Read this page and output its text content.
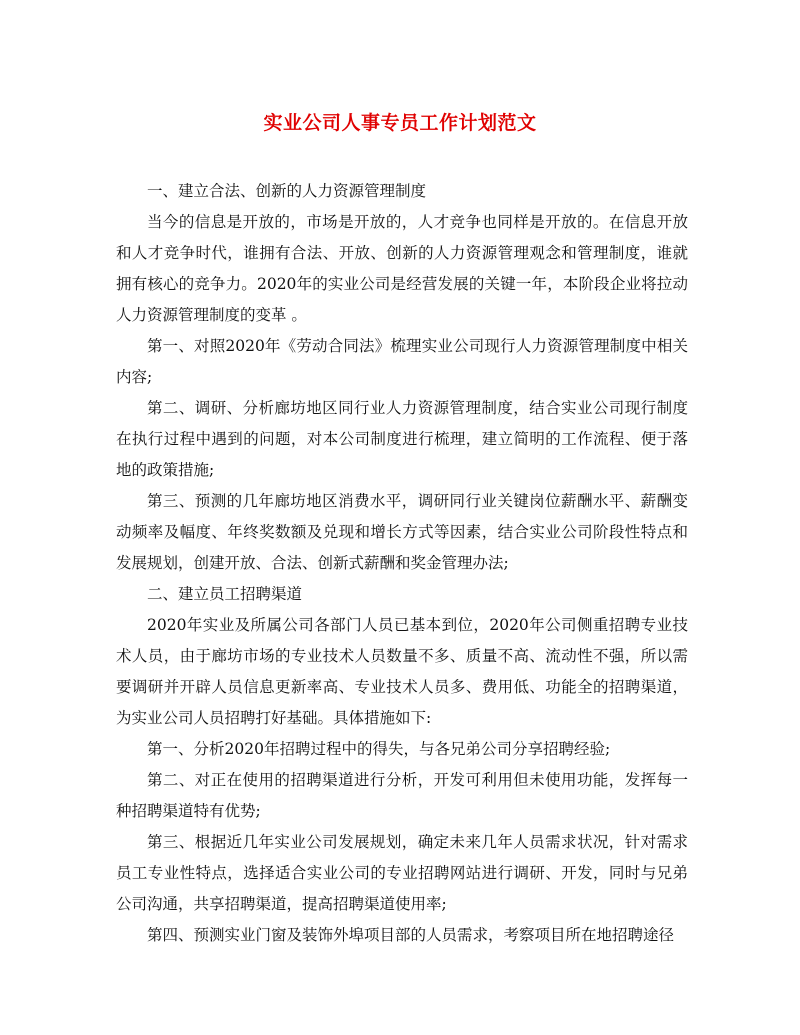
实业公司人事专员工作计划范文

一、建立合法、创新的人力资源管理制度

当今的信息是开放的，市场是开放的，人才竞争也同样是开放的。在信息开放和人才竞争时代，谁拥有合法、开放、创新的人力资源管理观念和管理制度，谁就拥有核心的竞争力。2020年的实业公司是经营发展的关键一年，本阶段企业将拉动人力资源管理制度的变革 。

第一、对照2020年《劳动合同法》梳理实业公司现行人力资源管理制度中相关内容;

第二、调研、分析廊坊地区同行业人力资源管理制度，结合实业公司现行制度在执行过程中遇到的问题，对本公司制度进行梳理，建立简明的工作流程、便于落地的政策措施;

第三、预测的几年廊坊地区消费水平，调研同行业关键岗位薪酬水平、薪酬变动频率及幅度、年终奖数额及兑现和增长方式等因素，结合实业公司阶段性特点和发展规划，创建开放、合法、创新式薪酬和奖金管理办法;

二、建立员工招聘渠道

2020年实业及所属公司各部门人员已基本到位，2020年公司侧重招聘专业技术人员，由于廊坊市场的专业技术人员数量不多、质量不高、流动性不强，所以需要调研并开辟人员信息更新率高、专业技术人员多、费用低、功能全的招聘渠道，为实业公司人员招聘打好基础。具体措施如下:

第一、分析2020年招聘过程中的得失，与各兄弟公司分享招聘经验;

第二、对正在使用的招聘渠道进行分析，开发可利用但未使用功能，发挥每一种招聘渠道特有优势;

第三、根据近几年实业公司发展规划，确定未来几年人员需求状况，针对需求员工专业性特点，选择适合实业公司的专业招聘网站进行调研、开发，同时与兄弟公司沟通，共享招聘渠道，提高招聘渠道使用率;

第四、预测实业门窗及装饰外埠项目部的人员需求，考察项目所在地招聘途径
